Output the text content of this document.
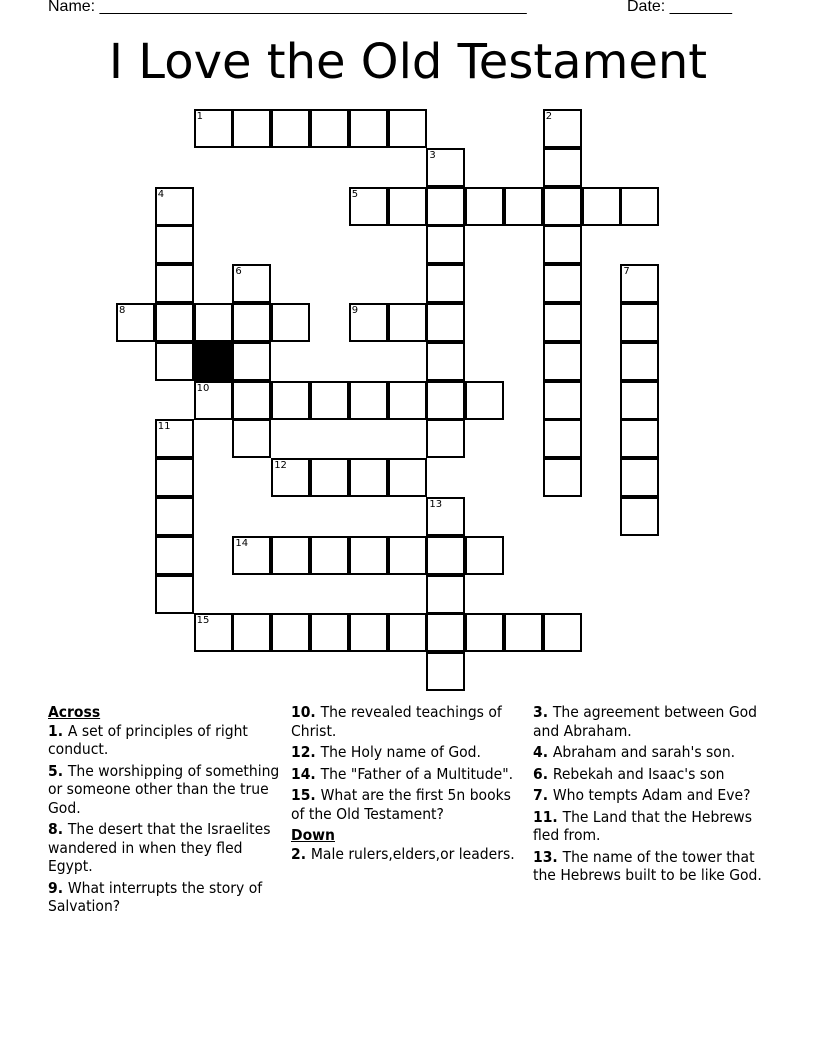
Name: ________________________________________________	Date: _______
I Love the Old Testament
1	2
3
4	5
6	7
8	9
10
11
12
13
14
15
Across
1. A set of principles of right conduct.
5. The worshipping of something or someone other than the true God.
8. The desert that the Israelites wandered in when they fled Egypt.
9. What interrupts the story of Salvation?
10. The revealed teachings of Christ.
12. The Holy name of God.
14. The "Father of a Multitude".
15. What are the first 5n books of the Old Testament?
Down
2. Male rulers,elders,or leaders.
3. The agreement between God and Abraham.
4. Abraham and sarah's son.
6. Rebekah and Isaac's son
7. Who tempts Adam and Eve?
11. The Land that the Hebrews fled from.
13. The name of the tower that the Hebrews built to be like God.
